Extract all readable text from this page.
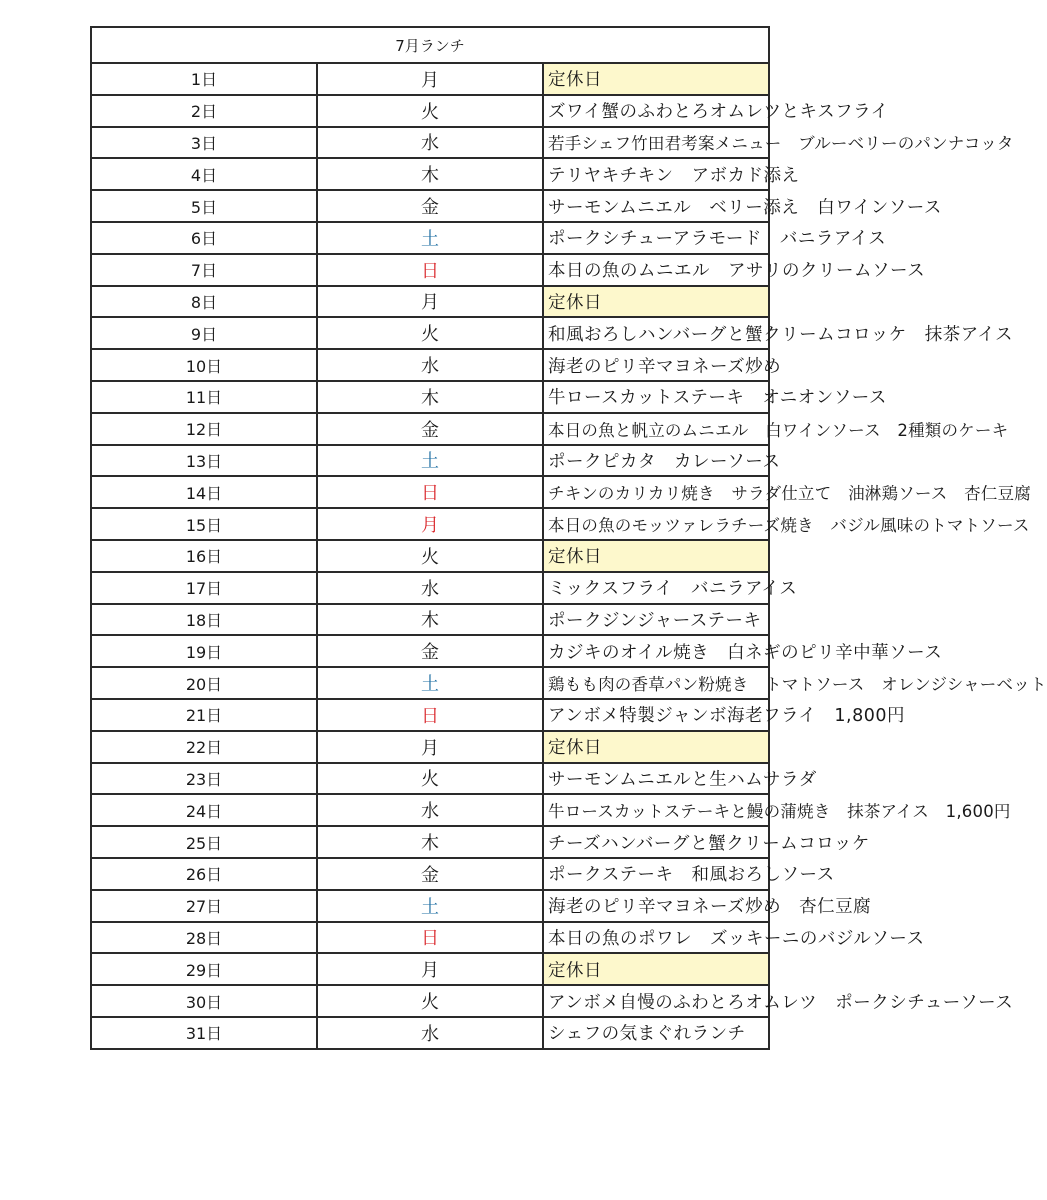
7月ランチ		
1日	月	定休日
2日	火	ズワイ蟹のふわとろオムレツとキスフライ
3日	水	若手シェフ竹田君考案メニュー　ブルーベリーのパンナコッタ
4日	木	テリヤキチキン　アボカド添え
5日	金	サーモンムニエル　ベリー添え　白ワインソース
6日	土	ポークシチューアラモード　バニラアイス
7日	日	本日の魚のムニエル　アサリのクリームソース
8日	月	定休日
9日	火	和風おろしハンバーグと蟹クリームコロッケ　抹茶アイス
10日	水	海老のピリ辛マヨネーズ炒め
11日	木	牛ロースカットステーキ　オニオンソース
12日	金	本日の魚と帆立のムニエル　白ワインソース　2種類のケーキ
13日	土	ポークピカタ　カレーソース
14日	日	チキンのカリカリ焼き　サラダ仕立て　油淋鶏ソース　杏仁豆腐
15日	月	本日の魚のモッツァレラチーズ焼き　バジル風味のトマトソース
16日	火	定休日
17日	水	ミックスフライ　バニラアイス
18日	木	ポークジンジャーステーキ
19日	金	カジキのオイル焼き　白ネギのピリ辛中華ソース
20日	土	鶏もも肉の香草パン粉焼き　トマトソース　オレンジシャーベット
21日	日	アンボメ特製ジャンボ海老フライ　1,800円
22日	月	定休日
23日	火	サーモンムニエルと生ハムサラダ
24日	水	牛ロースカットステーキと鰻の蒲焼き　抹茶アイス　1,600円
25日	木	チーズハンバーグと蟹クリームコロッケ
26日	金	ポークステーキ　和風おろしソース
27日	土	海老のピリ辛マヨネーズ炒め　杏仁豆腐
28日	日	本日の魚のポワレ　ズッキーニのバジルソース
29日	月	定休日
30日	火	アンボメ自慢のふわとろオムレツ　ポークシチューソース
31日	水	シェフの気まぐれランチ
